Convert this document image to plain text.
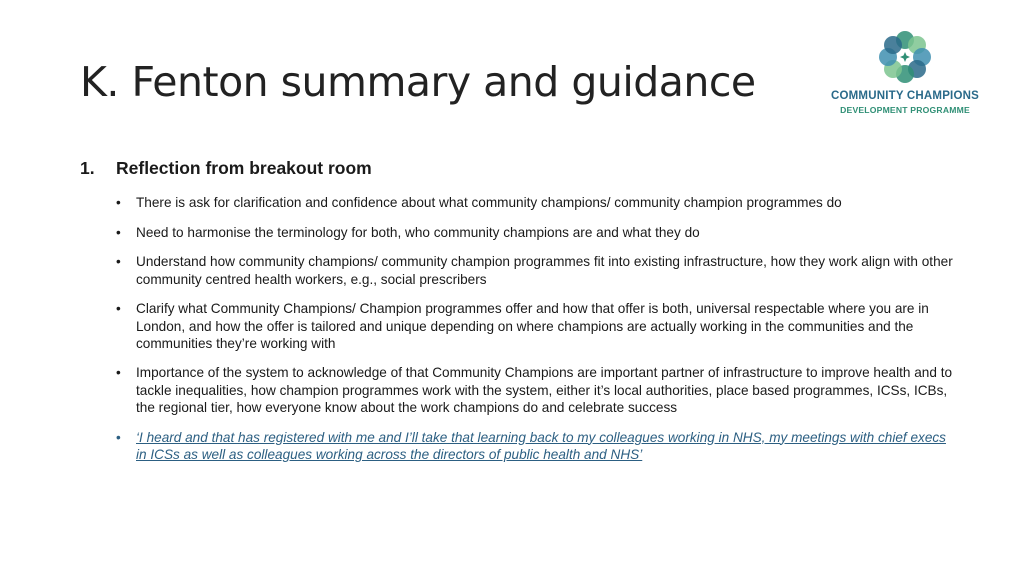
K. Fenton summary and guidance	COMMUNITY CHAMPIONS
DEVELOPMENT PROGRAMME
1.	Reflection from breakout room
• There is ask for clarification and confidence about what community champions/ community champion programmes do
• Need to harmonise the terminology for both, who community champions are and what they do
• Understand how community champions/ community champion programmes fit into existing infrastructure, how they work align with other community centred health workers, e.g., social prescribers
• Clarify what Community Champions/ Champion programmes offer and how that offer is both, universal respectable where you are in London, and how the offer is tailored and unique depending on where champions are actually working in the communities and the communities they’re working with
• Importance of the system to acknowledge of that Community Champions are important partner of infrastructure to improve health and to tackle inequalities, how champion programmes work with the system, either it’s local authorities, place based programmes, ICSs, ICBs, the regional tier, how everyone know about the work champions do and celebrate success
• ‘I heard and that has registered with me and I’ll take that learning back to my colleagues working in NHS, my meetings with chief execs in ICSs as well as colleagues working across the directors of public health and NHS’
